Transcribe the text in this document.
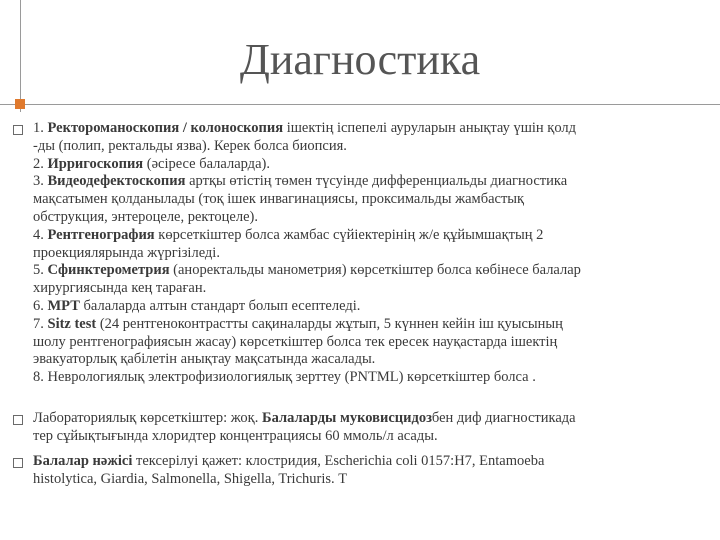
Диагностика
1. Ректороманоскопия / колоноскопия ішектің іспепелі ауруларын анықтау үшін қолд
-ды (полип, ректальды язва). Керек болса биопсия.
2. Ирригоскопия (әсіресе балаларда).
3. Видеодефектоскопия артқы өтістің төмен түсуінде дифференциальды диагностика
мақсатымен қолданылады (тоқ ішек инвагинациясы, проксимальды жамбастық
обструкция, энтероцеле, ректоцеле).
4. Рентгенография көрсеткіштер болса жамбас сүйіектерінің ж/е құйымшақтың 2
проекциялярында жүргізіледі.
5. Сфинктерометрия (аноректальды манометрия) көрсеткіштер болса көбінесе балалар
хирургиясында кең тараған.
6. МРТ балаларда алтын стандарт болып есептеледі.
7. Sitz test (24 рентгеноконтрастты сақиналарды жұтып, 5 күннен кейін іш қуысының
шолу рентгенографиясын жасау) көрсеткіштер болса тек ересек науқастарда ішектің
эвакуаторлық қабілетін анықтау мақсатында жасалады.
8. Неврологиялық электрофизиологиялық зерттеу (PNTML) көрсеткіштер болса .
Лабораториялық көрсеткіштер: жоқ. Балаларды муковисцидозбен диф диагностикада
тер сұйықтығында хлоридтер концентрациясы 60 ммоль/л асады.
Балалар нәжісі тексерілуі қажет: клостридия, Escherichia coli 0157:H7, Entamoeba
histolytica, Giardia, Salmonella, Shigella, Trichuris. Т
